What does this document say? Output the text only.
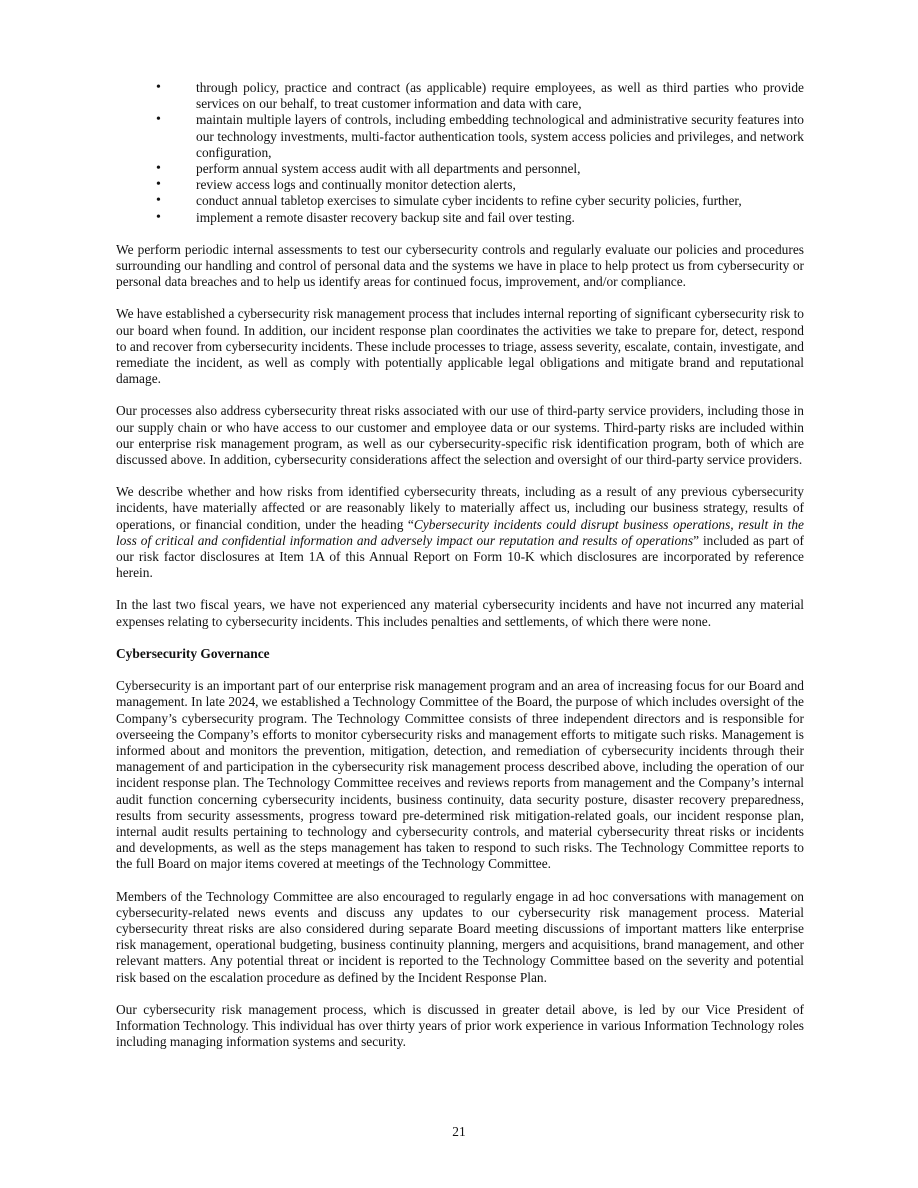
•	through policy, practice and contract (as applicable) require employees, as well as third parties who provide services on our behalf, to treat customer information and data with care,
•	maintain multiple layers of controls, including embedding technological and administrative security features into our technology investments, multi-factor authentication tools, system access policies and privileges, and network configuration,
•	perform annual system access audit with all departments and personnel,
•	review access logs and continually monitor detection alerts,
•	conduct annual tabletop exercises to simulate cyber incidents to refine cyber security policies, further,
•	implement a remote disaster recovery backup site and fail over testing.

We perform periodic internal assessments to test our cybersecurity controls and regularly evaluate our policies and procedures surrounding our handling and control of personal data and the systems we have in place to help protect us from cybersecurity or personal data breaches and to help us identify areas for continued focus, improvement, and/or compliance.

We have established a cybersecurity risk management process that includes internal reporting of significant cybersecurity risk to our board when found. In addition, our incident response plan coordinates the activities we take to prepare for, detect, respond to and recover from cybersecurity incidents. These include processes to triage, assess severity, escalate, contain, investigate, and remediate the incident, as well as comply with potentially applicable legal obligations and mitigate brand and reputational damage.

Our processes also address cybersecurity threat risks associated with our use of third-party service providers, including those in our supply chain or who have access to our customer and employee data or our systems. Third-party risks are included within our enterprise risk management program, as well as our cybersecurity-specific risk identification program, both of which are discussed above. In addition, cybersecurity considerations affect the selection and oversight of our third-party service providers.

We describe whether and how risks from identified cybersecurity threats, including as a result of any previous cybersecurity incidents, have materially affected or are reasonably likely to materially affect us, including our business strategy, results of operations, or financial condition, under the heading “Cybersecurity incidents could disrupt business operations, result in the loss of critical and confidential information and adversely impact our reputation and results of operations” included as part of our risk factor disclosures at Item 1A of this Annual Report on Form 10-K which disclosures are incorporated by reference herein.

In the last two fiscal years, we have not experienced any material cybersecurity incidents and have not incurred any material expenses relating to cybersecurity incidents. This includes penalties and settlements, of which there were none.

Cybersecurity Governance

Cybersecurity is an important part of our enterprise risk management program and an area of increasing focus for our Board and management. In late 2024, we established a Technology Committee of the Board, the purpose of which includes oversight of the Company’s cybersecurity program. The Technology Committee consists of three independent directors and is responsible for overseeing the Company’s efforts to monitor cybersecurity risks and management efforts to mitigate such risks. Management is informed about and monitors the prevention, mitigation, detection, and remediation of cybersecurity incidents through their management of and participation in the cybersecurity risk management process described above, including the operation of our incident response plan. The Technology Committee receives and reviews reports from management and the Company’s internal audit function concerning cybersecurity incidents, business continuity, data security posture, disaster recovery preparedness, results from security assessments, progress toward pre-determined risk mitigation-related goals, our incident response plan, internal audit results pertaining to technology and cybersecurity controls, and material cybersecurity threat risks or incidents and developments, as well as the steps management has taken to respond to such risks. The Technology Committee reports to the full Board on major items covered at meetings of the Technology Committee.

Members of the Technology Committee are also encouraged to regularly engage in ad hoc conversations with management on cybersecurity-related news events and discuss any updates to our cybersecurity risk management process. Material cybersecurity threat risks are also considered during separate Board meeting discussions of important matters like enterprise risk management, operational budgeting, business continuity planning, mergers and acquisitions, brand management, and other relevant matters. Any potential threat or incident is reported to the Technology Committee based on the severity and potential risk based on the escalation procedure as defined by the Incident Response Plan.

Our cybersecurity risk management process, which is discussed in greater detail above, is led by our Vice President of Information Technology. This individual has over thirty years of prior work experience in various Information Technology roles including managing information systems and security.

21
